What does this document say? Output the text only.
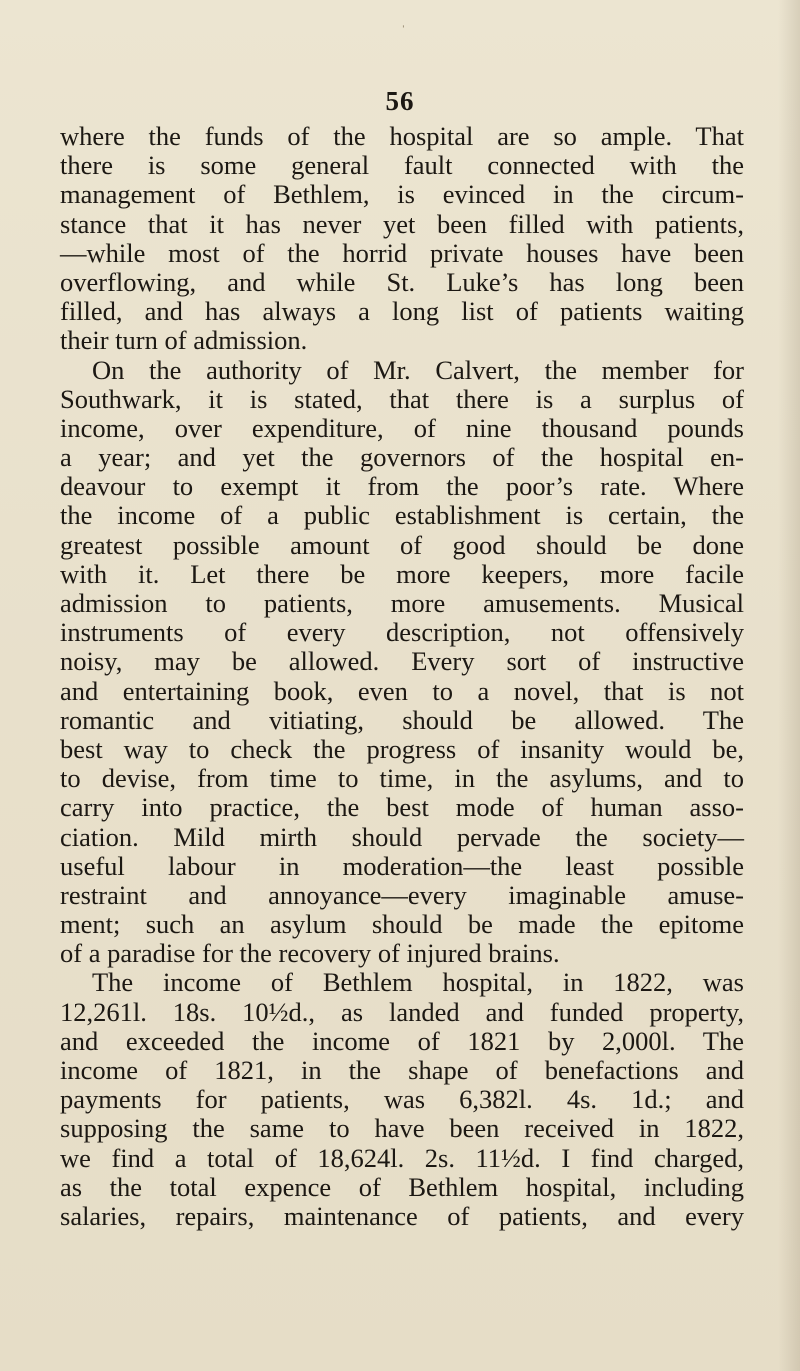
ˈ
56
where the funds of the hospital are so ample. That
there is some general fault connected with the
management of Bethlem, is evinced in the circum-
stance that it has never yet been filled with patients,
—while most of the horrid private houses have been
overflowing, and while St. Luke’s has long been
filled, and has always a long list of patients waiting
their turn of admission.
On the authority of Mr. Calvert, the member for
Southwark, it is stated, that there is a surplus of
income, over expenditure, of nine thousand pounds
a year; and yet the governors of the hospital en-
deavour to exempt it from the poor’s rate. Where
the income of a public establishment is certain, the
greatest possible amount of good should be done
with it. Let there be more keepers, more facile
admission to patients, more amusements. Musical
instruments of every description, not offensively
noisy, may be allowed. Every sort of instructive
and entertaining book, even to a novel, that is not
romantic and vitiating, should be allowed. The
best way to check the progress of insanity would be,
to devise, from time to time, in the asylums, and to
carry into practice, the best mode of human asso-
ciation. Mild mirth should pervade the society—
useful labour in moderation—the least possible
restraint and annoyance—every imaginable amuse-
ment; such an asylum should be made the epitome
of a paradise for the recovery of injured brains.
The income of Bethlem hospital, in 1822, was
12,261l. 18s. 10½d., as landed and funded property,
and exceeded the income of 1821 by 2,000l. The
income of 1821, in the shape of benefactions and
payments for patients, was 6,382l. 4s. 1d.; and
supposing the same to have been received in 1822,
we find a total of 18,624l. 2s. 11½d. I find charged,
as the total expence of Bethlem hospital, including
salaries, repairs, maintenance of patients, and every
